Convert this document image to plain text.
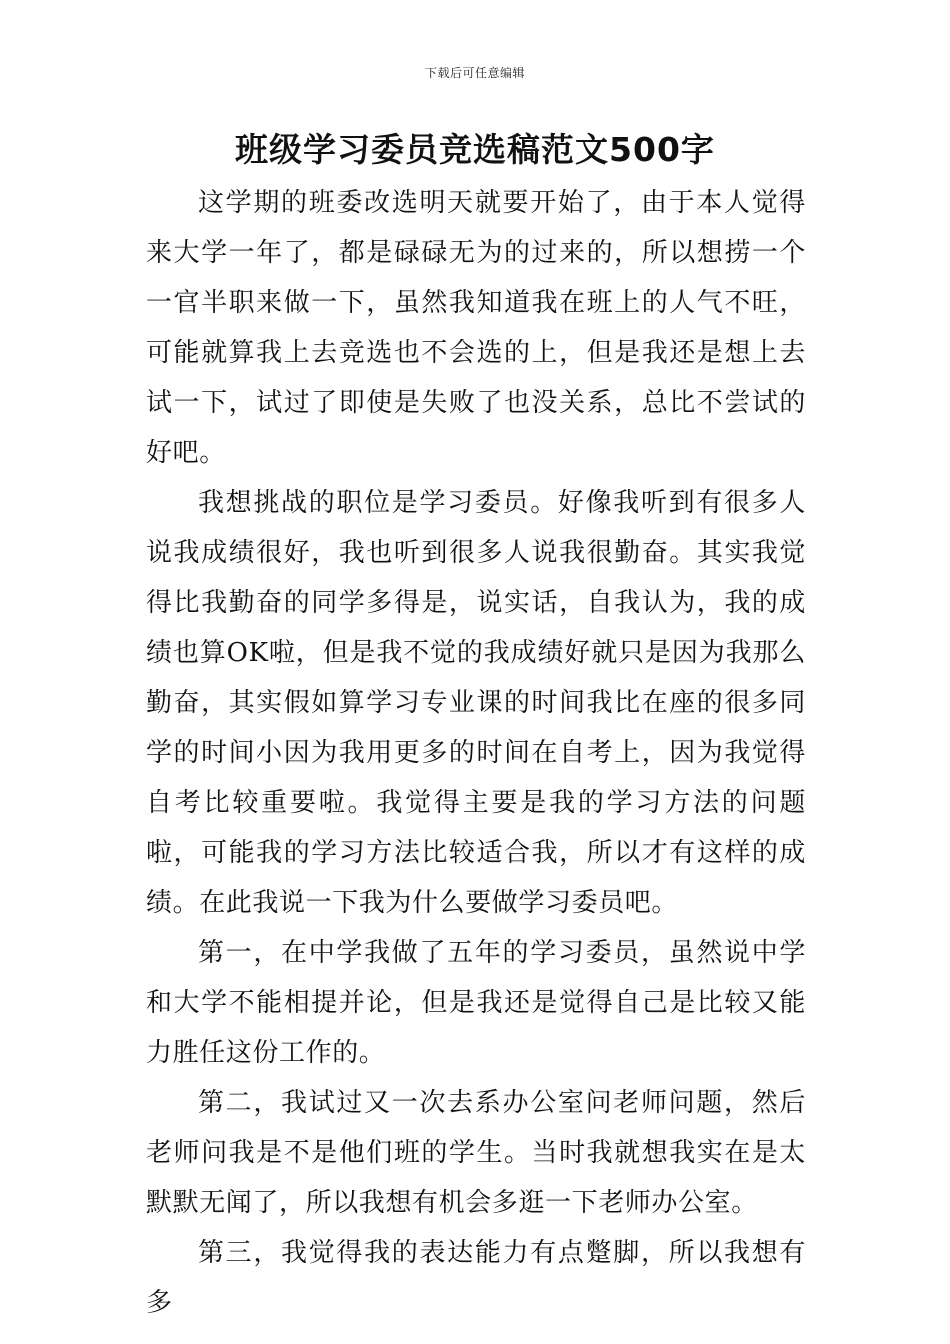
下载后可任意编辑
班级学习委员竞选稿范文500字

这学期的班委改选明天就要开始了，由于本人觉得来大学一年了，都是碌碌无为的过来的，所以想捞一个一官半职来做一下，虽然我知道我在班上的人气不旺，可能就算我上去竞选也不会选的上，但是我还是想上去试一下，试过了即使是失败了也没关系，总比不尝试的好吧。

我想挑战的职位是学习委员。好像我听到有很多人说我成绩很好，我也听到很多人说我很勤奋。其实我觉得比我勤奋的同学多得是，说实话，自我认为，我的成绩也算OK啦，但是我不觉的我成绩好就只是因为我那么勤奋，其实假如算学习专业课的时间我比在座的很多同学的时间小因为我用更多的时间在自考上，因为我觉得自考比较重要啦。我觉得主要是我的学习方法的问题啦，可能我的学习方法比较适合我，所以才有这样的成绩。在此我说一下我为什么要做学习委员吧。

第一，在中学我做了五年的学习委员，虽然说中学和大学不能相提并论，但是我还是觉得自己是比较又能力胜任这份工作的。

第二，我试过又一次去系办公室问老师问题，然后老师问我是不是他们班的学生。当时我就想我实在是太默默无闻了，所以我想有机会多逛一下老师办公室。

第三，我觉得我的表达能力有点蹩脚，所以我想有多
